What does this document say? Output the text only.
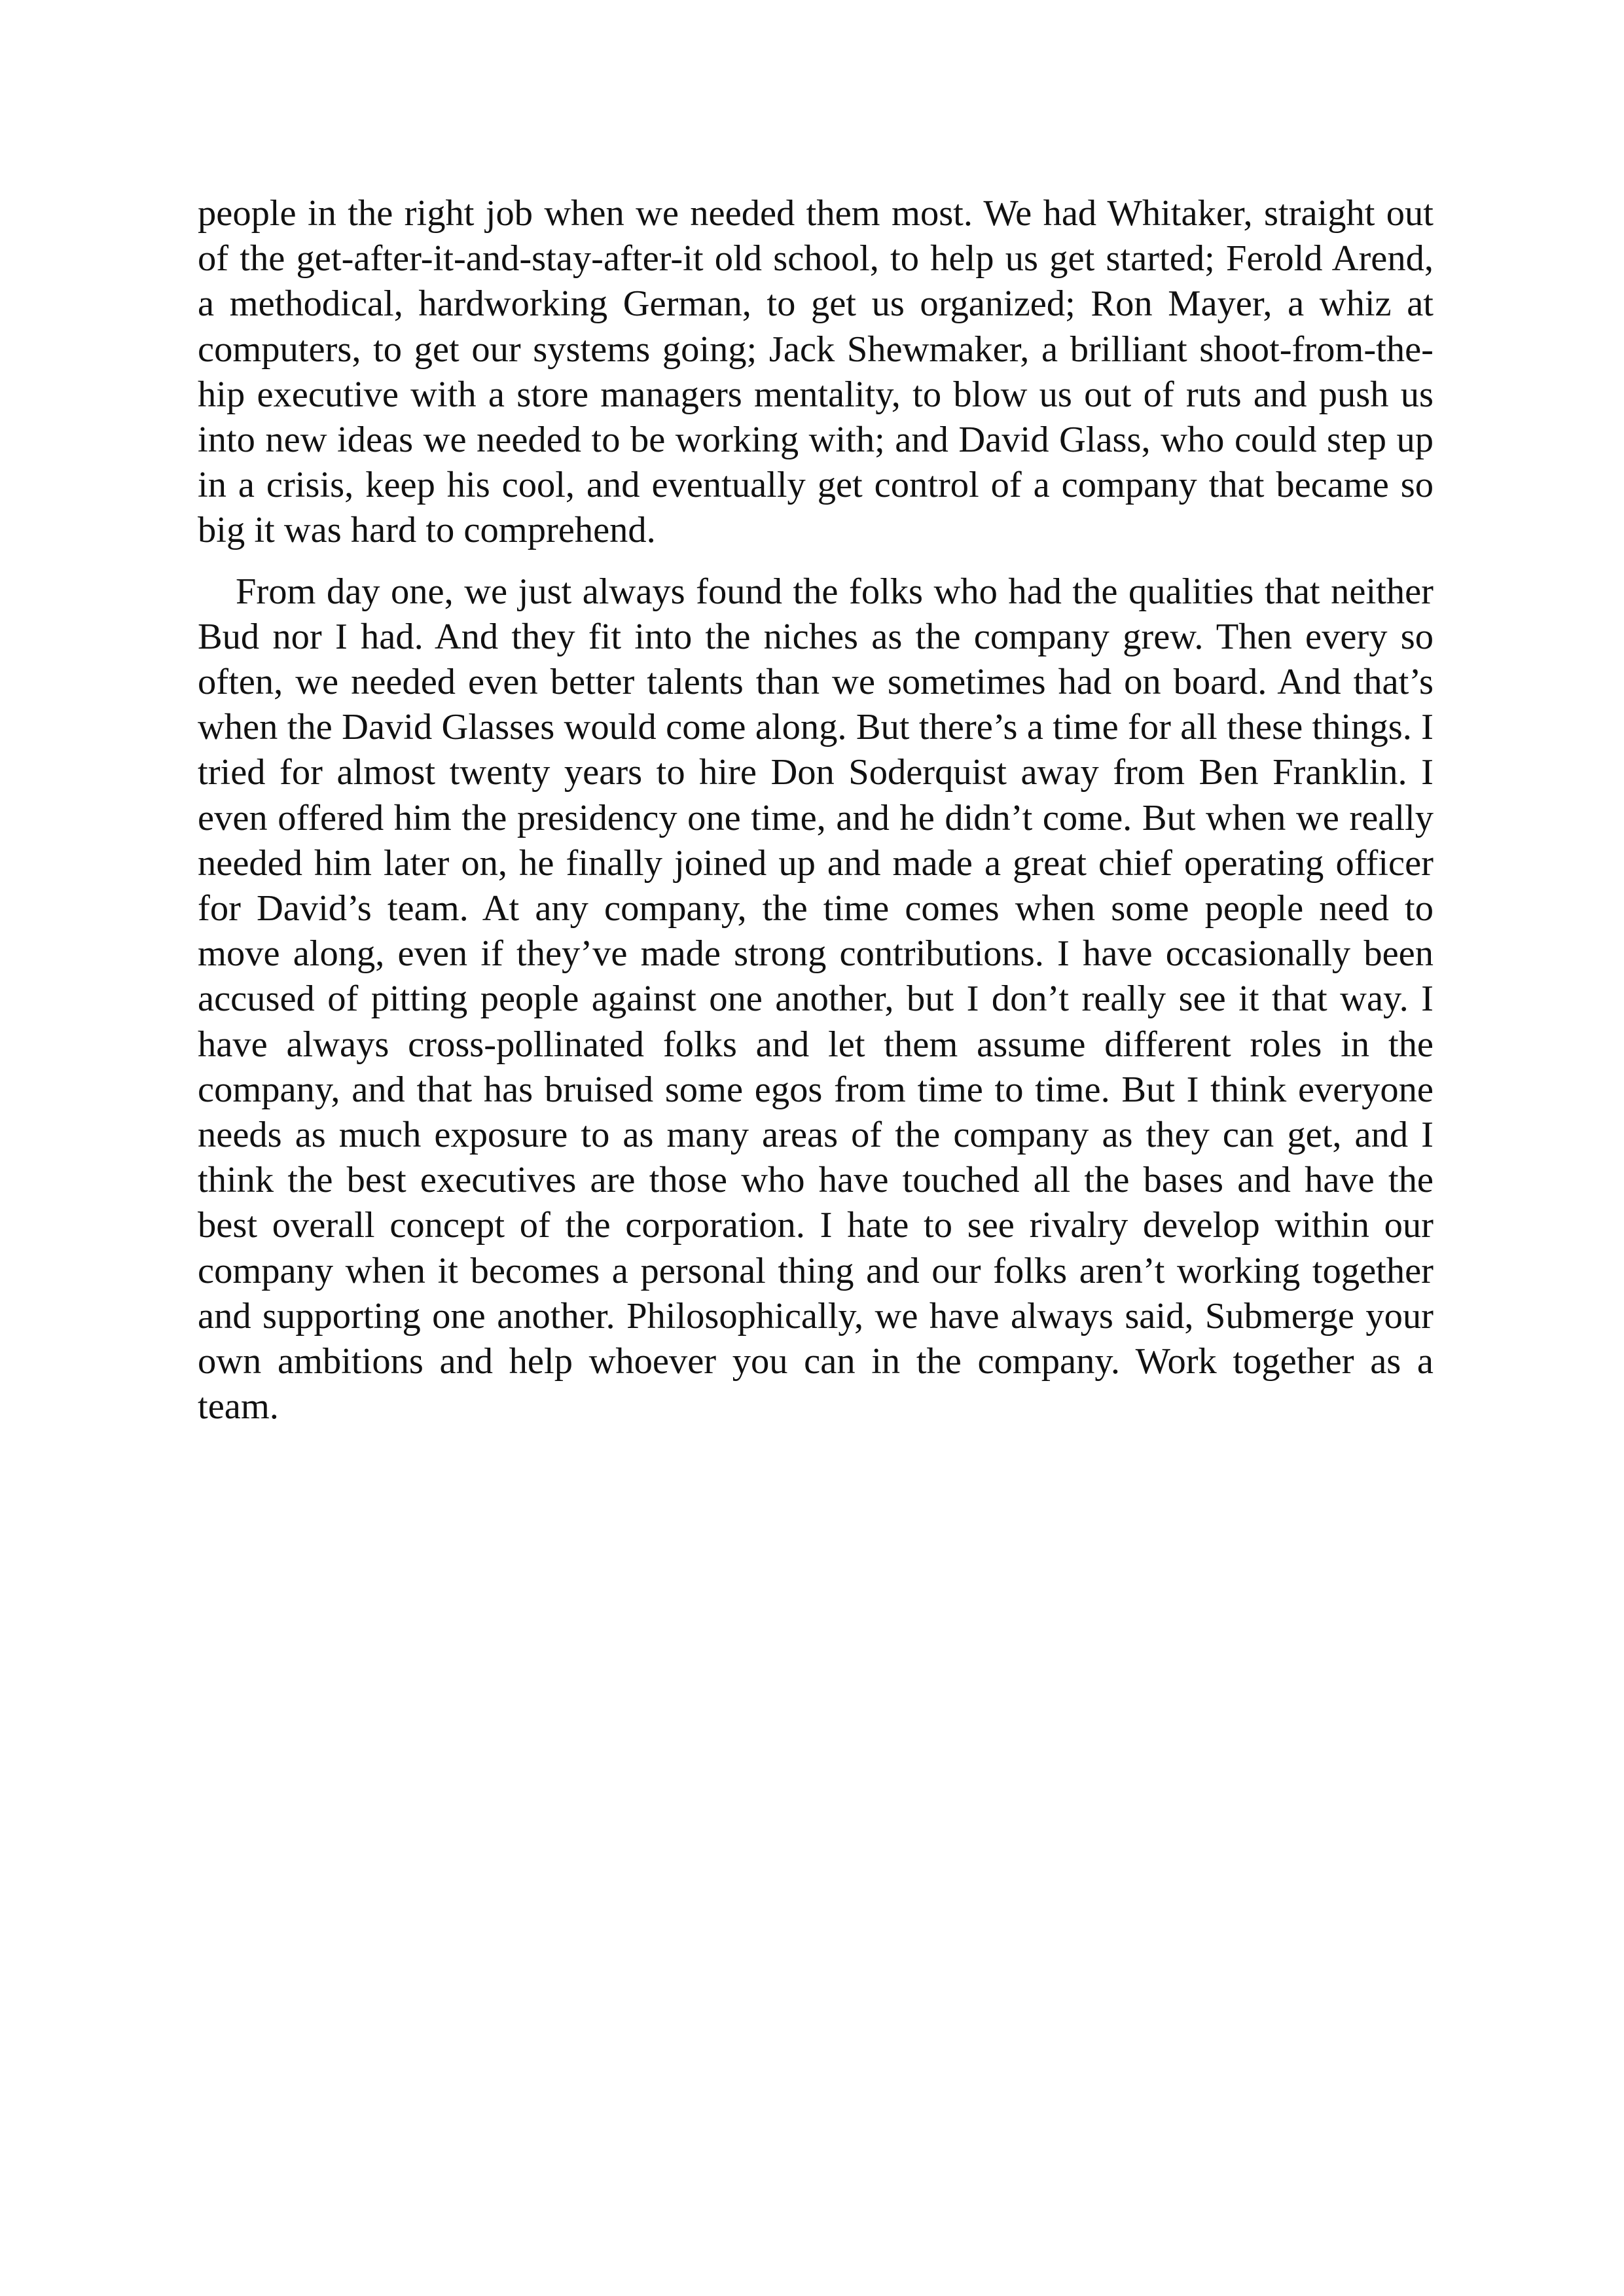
people in the right job when we needed them most. We had Whitaker, straight out of the get-after-it-and-stay-after-it old school, to help us get started; Ferold Arend, a methodical, hardworking German, to get us organized; Ron Mayer, a whiz at computers, to get our systems going; Jack Shewmaker, a brilliant shoot-from-the-hip executive with a store managers mentality, to blow us out of ruts and push us into new ideas we needed to be working with; and David Glass, who could step up in a crisis, keep his cool, and eventually get control of a company that became so big it was hard to comprehend.

From day one, we just always found the folks who had the qualities that neither Bud nor I had. And they fit into the niches as the company grew. Then every so often, we needed even better talents than we sometimes had on board. And that’s when the David Glasses would come along. But there’s a time for all these things. I tried for almost twenty years to hire Don Soderquist away from Ben Franklin. I even offered him the presidency one time, and he didn’t come. But when we really needed him later on, he finally joined up and made a great chief operating officer for David’s team. At any company, the time comes when some people need to move along, even if they’ve made strong contributions. I have occasionally been accused of pitting people against one another, but I don’t really see it that way. I have always cross-pollinated folks and let them assume different roles in the company, and that has bruised some egos from time to time. But I think everyone needs as much exposure to as many areas of the company as they can get, and I think the best executives are those who have touched all the bases and have the best overall concept of the corporation. I hate to see rivalry develop within our company when it becomes a personal thing and our folks aren’t working together and supporting one another. Philosophically, we have always said, Submerge your own ambitions and help whoever you can in the company. Work together as a team.
